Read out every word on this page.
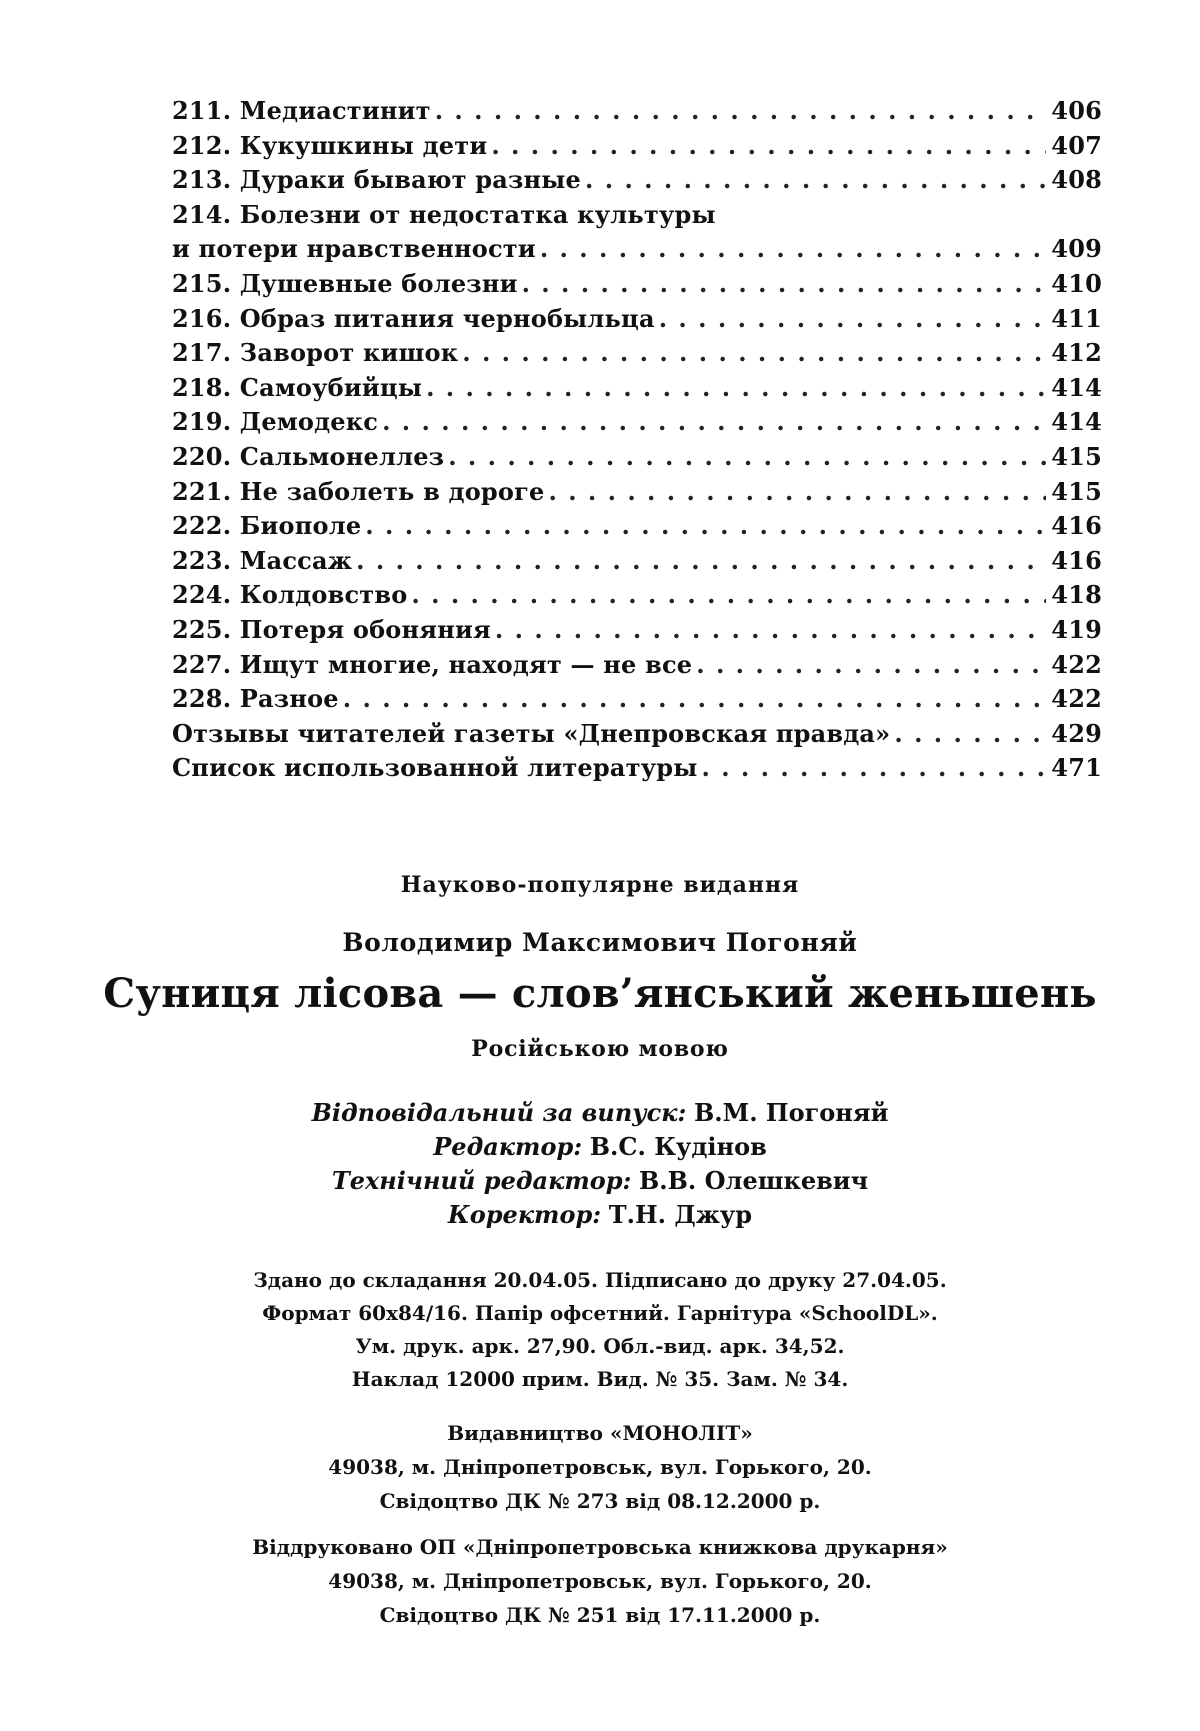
211. Медиастинит . . .	406
212. Кукушкины дети . . .	407
213. Дураки бывают разные . . .	408
214. Болезни от недостатка культуры
и потери нравственности . . .	409
215. Душевные болезни . . .	410
216. Образ питания чернобыльца . . .	411
217. Заворот кишок . . .	412
218. Самоубийцы . . .	414
219. Демодекс . . .	414
220. Сальмонеллез . . .	415
221. Не заболеть в дороге . . .	415
222. Биополе . . .	416
223. Массаж . . .	416
224. Колдовство . . .	418
225. Потеря обоняния . . .	419
227. Ищут многие, находят — не все . . .	422
228. Разное . . .	422
Отзывы читателей газеты «Днепровская правда» . . .	429
Список использованной литературы . . .	471
Науково-популярне видання
Володимир Максимович Погоняй
Суниця лісова — слов’янський женьшень
Російською мовою
Відповідальний за випуск: В.М. Погоняй
Редактор: В.С. Кудінов
Технічний редактор: В.В. Олешкевич
Коректор: Т.Н. Джур
Здано до складання 20.04.05. Підписано до друку 27.04.05.
Формат 60х84/16. Папір офсетний. Гарнітура «SchoolDL».
Ум. друк. арк. 27,90. Обл.-вид. арк. 34,52.
Наклад 12000 прим. Вид. № 35. Зам. № 34.
Видавництво «МОНОЛІТ»
49038, м. Дніпропетровськ, вул. Горького, 20.
Свідоцтво ДК № 273 від 08.12.2000 р.
Віддруковано ОП «Дніпропетровська книжкова друкарня»
49038, м. Дніпропетровськ, вул. Горького, 20.
Свідоцтво ДК № 251 від 17.11.2000 р.
